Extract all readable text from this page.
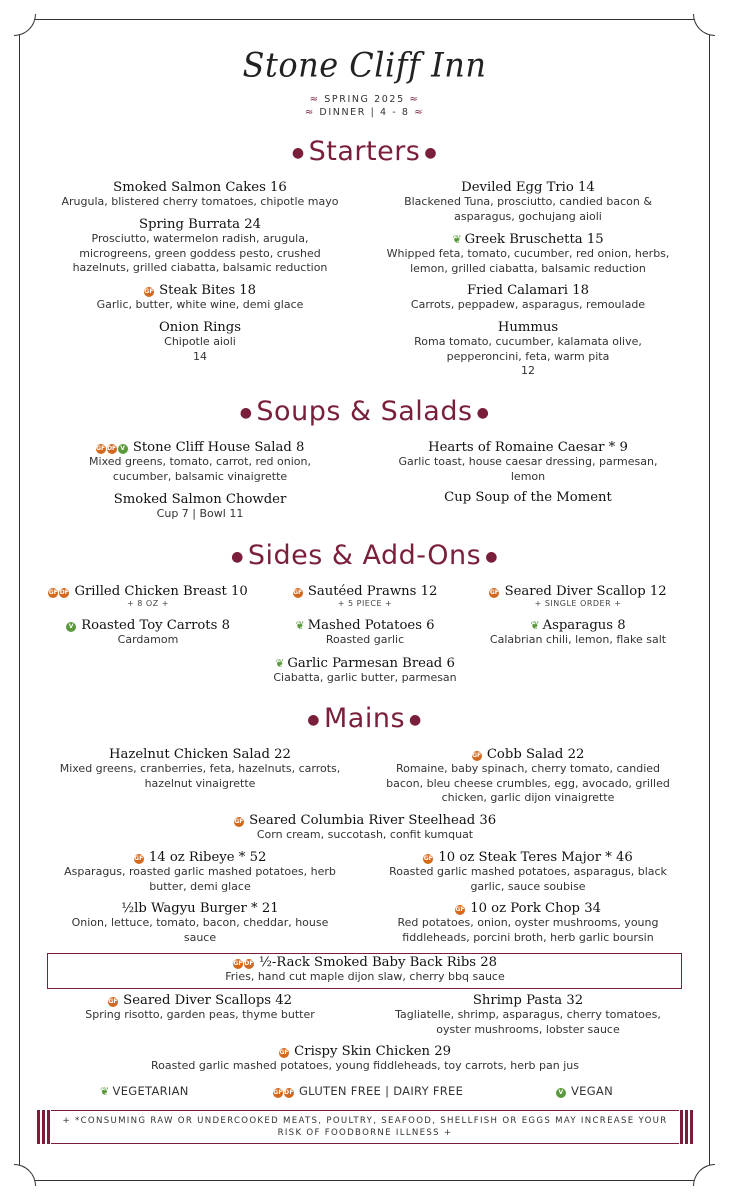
Stone Cliff Inn
≈ SPRING 2025 ≈
≈ DINNER | 4 - 8 ≈
● Starters ●
Smoked Salmon Cakes 16
Arugula, blistered cherry tomatoes, chipotle mayo
Spring Burrata 24
Prosciutto, watermelon radish, arugula, microgreens, green goddess pesto, crushed hazelnuts, grilled ciabatta, balsamic reduction
GF Steak Bites 18
Garlic, butter, white wine, demi glace
Onion Rings
Chipotle aioli
14
Deviled Egg Trio 14
Blackened Tuna, prosciutto, candied bacon & asparagus, gochujang aioli
❦ Greek Bruschetta 15
Whipped feta, tomato, cucumber, red onion, herbs, lemon, grilled ciabatta, balsamic reduction
Fried Calamari 18
Carrots, peppadew, asparagus, remoulade
Hummus
Roma tomato, cucumber, kalamata olive, pepperoncini, feta, warm pita
12
● Soups & Salads ●
GF DF V Stone Cliff House Salad 8
Mixed greens, tomato, carrot, red onion, cucumber, balsamic vinaigrette
Smoked Salmon Chowder
Cup 7 | Bowl 11
Hearts of Romaine Caesar * 9
Garlic toast, house caesar dressing, parmesan, lemon
Cup Soup of the Moment
● Sides & Add-Ons ●
GF DF Grilled Chicken Breast 10
+ 8 OZ +
GF Sautéed Prawns 12
+ 5 PIECE +
GF Seared Diver Scallop 12
+ SINGLE ORDER +
V Roasted Toy Carrots 8
Cardamom
❦ Mashed Potatoes 6
Roasted garlic
❦ Asparagus 8
Calabrian chili, lemon, flake salt
❦ Garlic Parmesan Bread 6
Ciabatta, garlic butter, parmesan
● Mains ●
Hazelnut Chicken Salad 22
Mixed greens, cranberries, feta, hazelnuts, carrots, hazelnut vinaigrette
GF Cobb Salad 22
Romaine, baby spinach, cherry tomato, candied bacon, bleu cheese crumbles, egg, avocado, grilled chicken, garlic dijon vinaigrette
GF Seared Columbia River Steelhead 36
Corn cream, succotash, confit kumquat
GF 14 oz Ribeye * 52
Asparagus, roasted garlic mashed potatoes, herb butter, demi glace
GF 10 oz Steak Teres Major * 46
Roasted garlic mashed potatoes, asparagus, black garlic, sauce soubise
½lb Wagyu Burger * 21
Onion, lettuce, tomato, bacon, cheddar, house sauce
GF 10 oz Pork Chop 34
Red potatoes, onion, oyster mushrooms, young fiddleheads, porcini broth, herb garlic boursin
GF DF ½-Rack Smoked Baby Back Ribs 28
Fries, hand cut maple dijon slaw, cherry bbq sauce
GF Seared Diver Scallops 42
Spring risotto, garden peas, thyme butter
Shrimp Pasta 32
Tagliatelle, shrimp, asparagus, cherry tomatoes, oyster mushrooms, lobster sauce
GF Crispy Skin Chicken 29
Roasted garlic mashed potatoes, young fiddleheads, toy carrots, herb pan jus
❦ VEGETARIAN	GFDF GLUTEN FREE | DAIRY FREE	V VEGAN
+ *CONSUMING RAW OR UNDERCOOKED MEATS, POULTRY, SEAFOOD, SHELLFISH OR EGGS MAY INCREASE YOUR RISK OF FOODBORNE ILLNESS +
